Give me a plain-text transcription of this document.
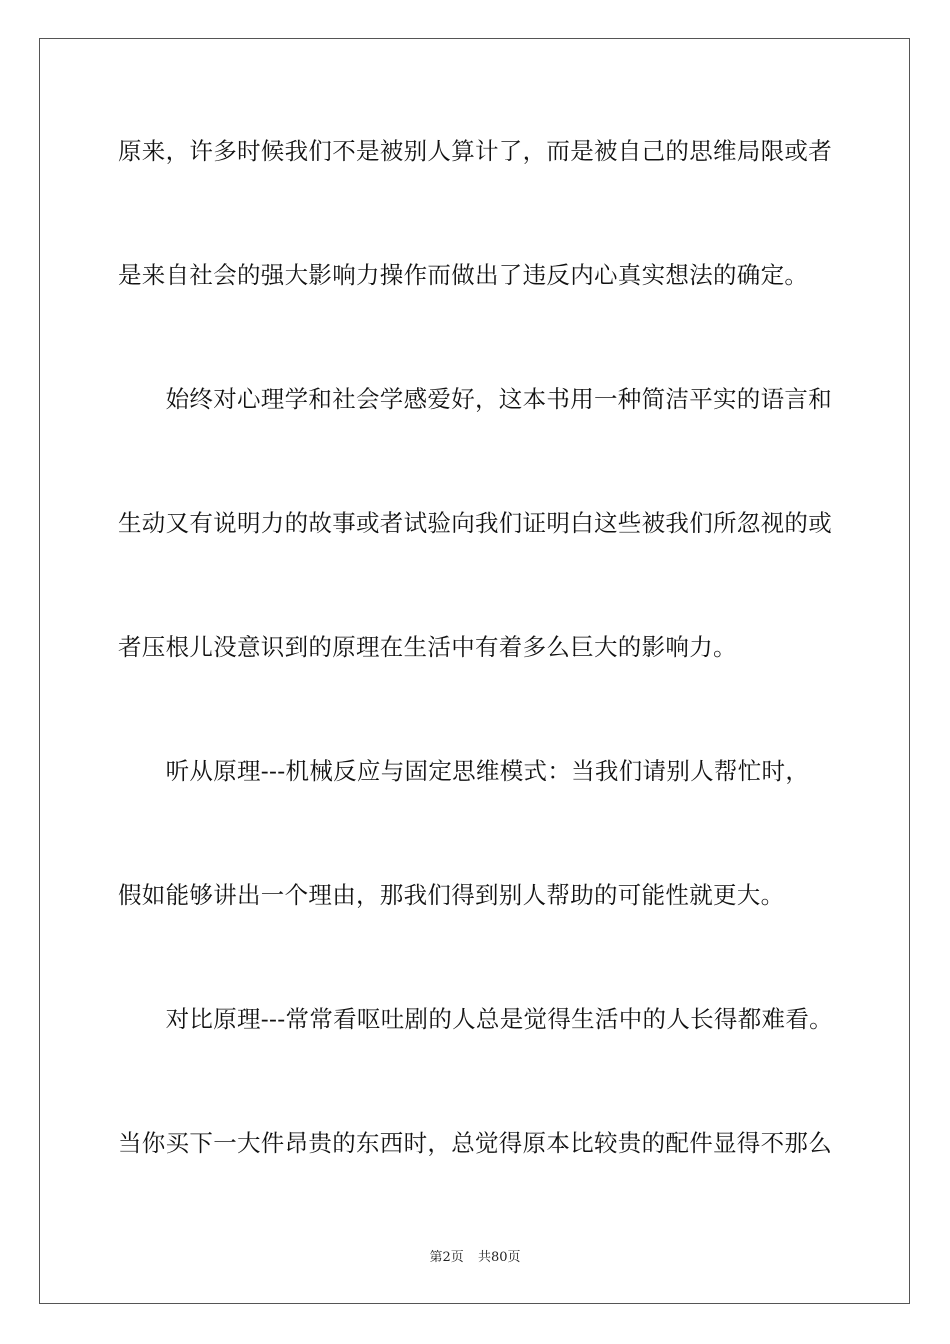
原来，许多时候我们不是被别人算计了，而是被自己的思维局限或者
是来自社会的强大影响力操作而做出了违反内心真实想法的确定。
　　始终对心理学和社会学感爱好，这本书用一种简洁平实的语言和
生动又有说明力的故事或者试验向我们证明白这些被我们所忽视的或
者压根儿没意识到的原理在生活中有着多么巨大的影响力。
　　听从原理---机械反应与固定思维模式：当我们请别人帮忙时，
假如能够讲出一个理由，那我们得到别人帮助的可能性就更大。
　　对比原理---常常看呕吐剧的人总是觉得生活中的人长得都难看。
当你买下一大件昂贵的东西时，总觉得原本比较贵的配件显得不那么
第2页 共80页
